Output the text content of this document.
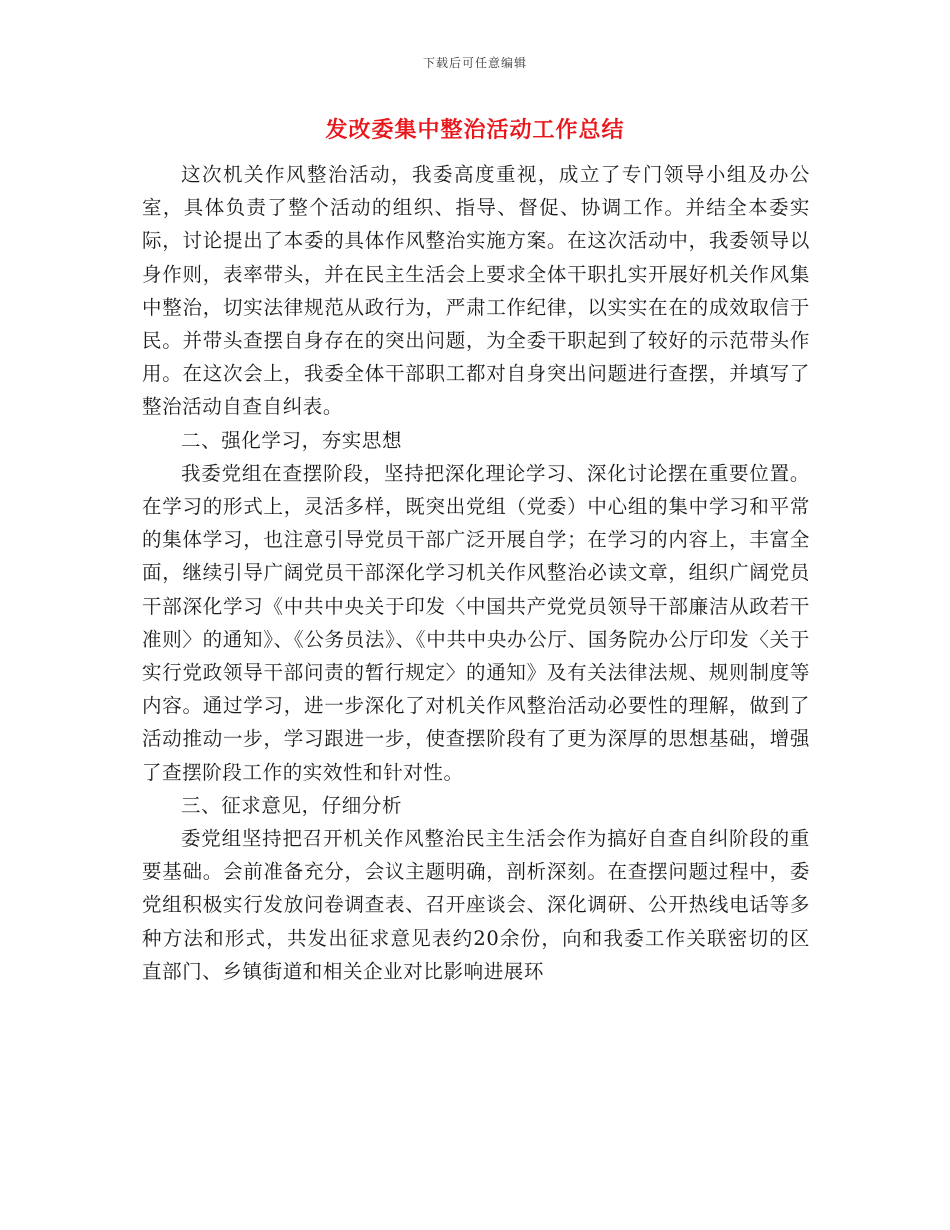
下载后可任意编辑
发改委集中整治活动工作总结

这次机关作风整治活动，我委高度重视，成立了专门领导小组及办公室，具体负责了整个活动的组织、指导、督促、协调工作。并结全本委实际，讨论提出了本委的具体作风整治实施方案。在这次活动中，我委领导以身作则，表率带头，并在民主生活会上要求全体干职扎实开展好机关作风集中整治，切实法律规范从政行为，严肃工作纪律，以实实在在的成效取信于民。并带头查摆自身存在的突出问题，为全委干职起到了较好的示范带头作用。在这次会上，我委全体干部职工都对自身突出问题进行查摆，并填写了整治活动自查自纠表。

二、强化学习，夯实思想

我委党组在查摆阶段，坚持把深化理论学习、深化讨论摆在重要位置。在学习的形式上，灵活多样，既突出党组（党委）中心组的集中学习和平常的集体学习，也注意引导党员干部广泛开展自学；在学习的内容上，丰富全面，继续引导广阔党员干部深化学习机关作风整治必读文章，组织广阔党员干部深化学习《中共中央关于印发〈中国共产党党员领导干部廉洁从政若干准则〉的通知》、《公务员法》、《中共中央办公厅、国务院办公厅印发〈关于实行党政领导干部问责的暂行规定〉的通知》及有关法律法规、规则制度等内容。通过学习，进一步深化了对机关作风整治活动必要性的理解，做到了活动推动一步，学习跟进一步，使查摆阶段有了更为深厚的思想基础，增强了查摆阶段工作的实效性和针对性。

三、征求意见，仔细分析

委党组坚持把召开机关作风整治民主生活会作为搞好自查自纠阶段的重要基础。会前准备充分，会议主题明确，剖析深刻。在查摆问题过程中，委党组积极实行发放问卷调查表、召开座谈会、深化调研、公开热线电话等多种方法和形式，共发出征求意见表约20余份，向和我委工作关联密切的区直部门、乡镇街道和相关企业对比影响进展环
